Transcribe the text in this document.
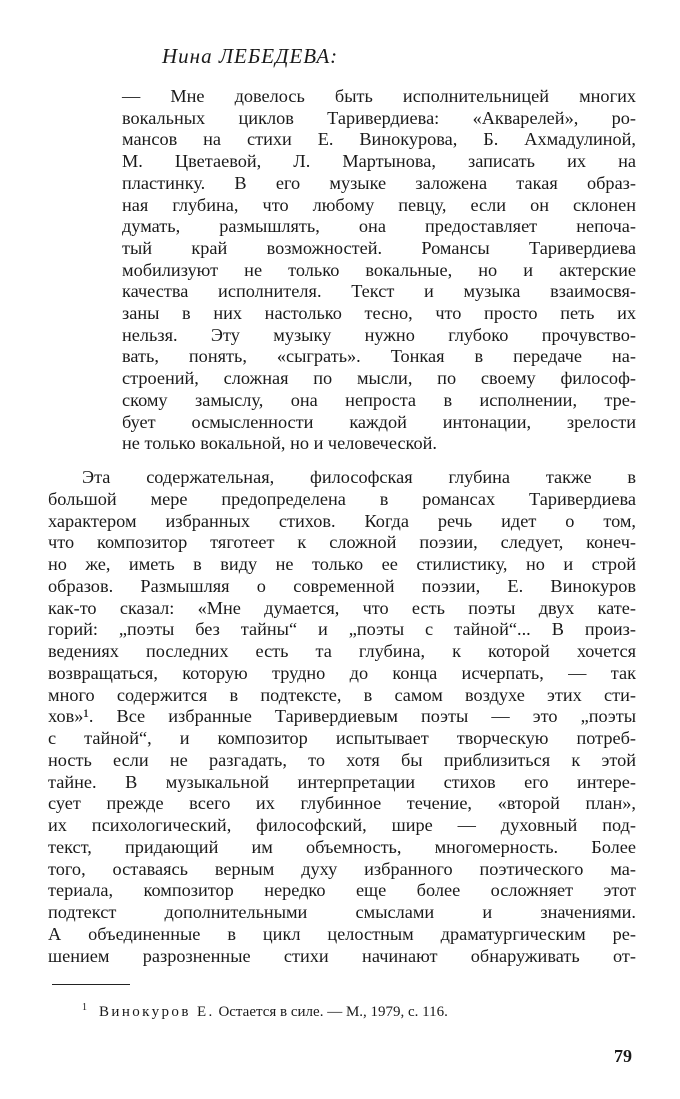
Нина ЛЕБЕДЕВА:
— Мне довелось быть исполнительницей многих
вокальных циклов Таривердиева: «Акварелей», ро-
мансов на стихи Е. Винокурова, Б. Ахмадулиной,
М. Цветаевой, Л. Мартынова, записать их на
пластинку. В его музыке заложена такая образ-
ная глубина, что любому певцу, если он склонен
думать, размышлять, она предоставляет непоча-
тый край возможностей. Романсы Таривердиева
мобилизуют не только вокальные, но и актерские
качества исполнителя. Текст и музыка взаимосвя-
заны в них настолько тесно, что просто петь их
нельзя. Эту музыку нужно глубоко прочувство-
вать, понять, «сыграть». Тонкая в передаче на-
строений, сложная по мысли, по своему философ-
скому замыслу, она непроста в исполнении, тре-
бует осмысленности каждой интонации, зрелости
не только вокальной, но и человеческой.
Эта содержательная, философская глубина также в
большой мере предопределена в романсах Таривердиева
характером избранных стихов. Когда речь идет о том,
что композитор тяготеет к сложной поэзии, следует, конеч-
но же, иметь в виду не только ее стилистику, но и строй
образов. Размышляя о современной поэзии, Е. Винокуров
как-то сказал: «Мне думается, что есть поэты двух кате-
горий: „поэты без тайны“ и „поэты с тайной“... В произ-
ведениях последних есть та глубина, к которой хочется
возвращаться, которую трудно до конца исчерпать, — так
много содержится в подтексте, в самом воздухе этих сти-
хов»¹. Все избранные Таривердиевым поэты — это „поэты
с тайной“, и композитор испытывает творческую потреб-
ность если не разгадать, то хотя бы приблизиться к этой
тайне. В музыкальной интерпретации стихов его интере-
сует прежде всего их глубинное течение, «второй план»,
их психологический, философский, шире — духовный под-
текст, придающий им объемность, многомерность. Более
того, оставаясь верным духу избранного поэтического ма-
териала, композитор нередко еще более осложняет этот
подтекст дополнительными смыслами и значениями.
А объединенные в цикл целостным драматургическим ре-
шением разрозненные стихи начинают обнаруживать от-
$^1$ Винокуров Е. Остается в силе. — М., 1979, с. 116.
79
